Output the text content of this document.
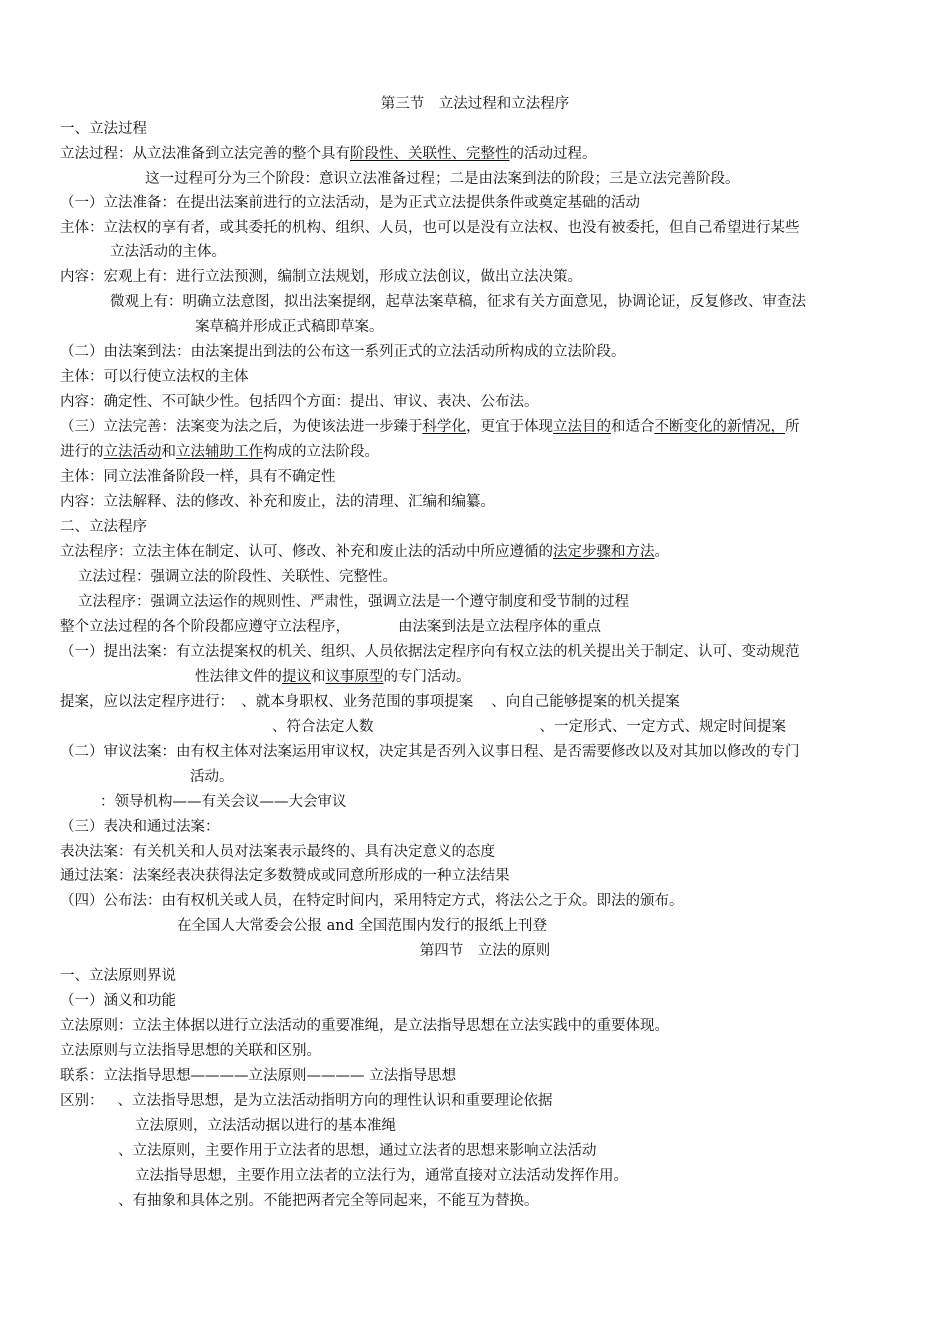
第三节　立法过程和立法程序
一、立法过程
立法过程：从立法准备到立法完善的整个具有阶段性、关联性、完整性的活动过程。
这一过程可分为三个阶段：意识立法准备过程；二是由法案到法的阶段；三是立法完善阶段。
（一）立法准备：在提出法案前进行的立法活动，是为正式立法提供条件或奠定基础的活动
主体：立法权的享有者，或其委托的机构、组织、人员，也可以是没有立法权、也没有被委托，但自己希望进行某些
立法活动的主体。
内容：宏观上有：进行立法预测，编制立法规划，形成立法创议，做出立法决策。
微观上有：明确立法意图，拟出法案提纲，起草法案草稿，征求有关方面意见，协调论证，反复修改、审查法
案草稿并形成正式稿即草案。
（二）由法案到法：由法案提出到法的公布这一系列正式的立法活动所构成的立法阶段。
主体：可以行使立法权的主体
内容：确定性、不可缺少性。包括四个方面：提出、审议、表决、公布法。
（三）立法完善：法案变为法之后，为使该法进一步臻于科学化，更宜于体现立法目的和适合不断变化的新情况，所
进行的立法活动和立法辅助工作构成的立法阶段。
主体：同立法准备阶段一样，具有不确定性
内容：立法解释、法的修改、补充和废止，法的清理、汇编和编纂。
二、立法程序
立法程序：立法主体在制定、认可、修改、补充和废止法的活动中所应遵循的法定步骤和方法。
立法过程：强调立法的阶段性、关联性、完整性。
立法程序：强调立法运作的规则性、严肃性，强调立法是一个遵守制度和受节制的过程
整个立法过程的各个阶段都应遵守立法程序，	由法案到法是立法程序体的重点
（一）提出法案：有立法提案权的机关、组织、人员依据法定程序向有权立法的机关提出关于制定、认可、变动规范
性法律文件的提议和议事原型的专门活动。
提案，应以法定程序进行：　、就本身职权、业务范围的事项提案 、向自己能够提案的机关提案
、符合法定人数	、一定形式、一定方式、规定时间提案
（二）审议法案：由有权主体对法案运用审议权，决定其是否列入议事日程、是否需要修改以及对其加以修改的专门
活动。
：领导机构——有关会议——大会审议
（三）表决和通过法案：
表决法案：有关机关和人员对法案表示最终的、具有决定意义的态度
通过法案：法案经表决获得法定多数赞成或同意所形成的一种立法结果
（四）公布法：由有权机关或人员，在特定时间内，采用特定方式，将法公之于众。即法的颁布。
在全国人大常委会公报 and 全国范围内发行的报纸上刊登
第四节　立法的原则
一、立法原则界说
（一）涵义和功能
立法原则：立法主体据以进行立法活动的重要准绳，是立法指导思想在立法实践中的重要体现。
立法原则与立法指导思想的关联和区别。
联系：立法指导思想————立法原则———— 立法指导思想
区别： 、立法指导思想，是为立法活动指明方向的理性认识和重要理论依据
立法原则，立法活动据以进行的基本准绳
、立法原则，主要作用于立法者的思想，通过立法者的思想来影响立法活动
立法指导思想，主要作用立法者的立法行为，通常直接对立法活动发挥作用。
、有抽象和具体之别。不能把两者完全等同起来，不能互为替换。
